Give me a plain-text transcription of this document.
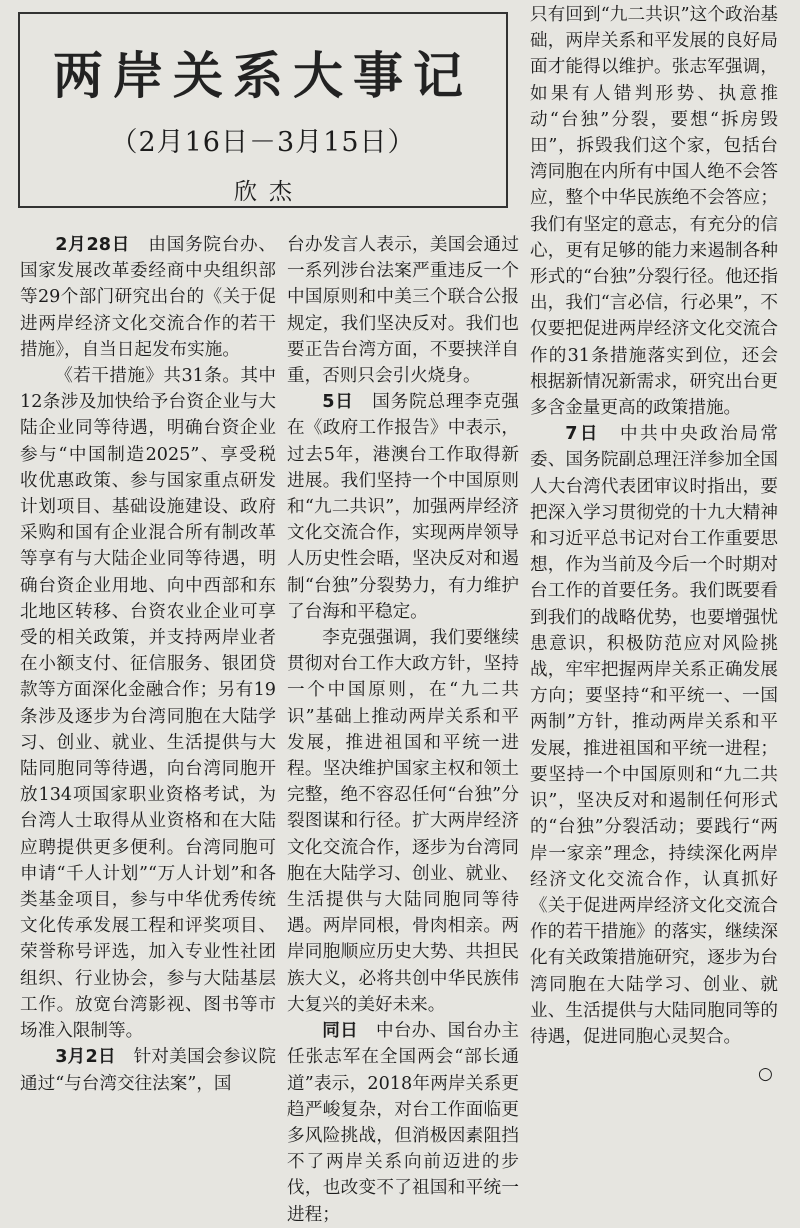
两岸关系大事记
（2月16日－3月15日）
欣杰

2月28日　 由国务院台办、国家发展改革委经商中央组织部等29个部门研究出台的《关于促进两岸经济文化交流合作的若干措施》，自当日起发布实施。

《若干措施》共31条。其中12条涉及加快给予台资企业与大陆企业同等待遇，明确台资企业参与“中国制造2025”、享受税收优惠政策、参与国家重点研发计划项目、基础设施建设、政府采购和国有企业混合所有制改革等享有与大陆企业同等待遇，明确台资企业用地、向中西部和东北地区转移、台资农业企业可享受的相关政策，并支持两岸业者在小额支付、征信服务、银团贷款等方面深化金融合作；另有19条涉及逐步为台湾同胞在大陆学习、创业、就业、生活提供与大陆同胞同等待遇，向台湾同胞开放134项国家职业资格考试，为台湾人士取得从业资格和在大陆应聘提供更多便利。台湾同胞可申请“千人计划”“万人计划”和各类基金项目，参与中华优秀传统文化传承发展工程和评奖项目、荣誉称号评选，加入专业性社团组织、行业协会，参与大陆基层工作。放宽台湾影视、图书等市场准入限制等。

3月2日　 针对美国会参议院通过“与台湾交往法案”，国

台办发言人表示，美国会通过一系列涉台法案严重违反一个中国原则和中美三个联合公报规定，我们坚决反对。我们也要正告台湾方面，不要挟洋自重，否则只会引火烧身。

5日　 国务院总理李克强在《政府工作报告》中表示，过去5年，港澳台工作取得新进展。我们坚持一个中国原则和“九二共识”，加强两岸经济文化交流合作，实现两岸领导人历史性会晤，坚决反对和遏制“台独”分裂势力，有力维护了台海和平稳定。

李克强强调，我们要继续贯彻对台工作大政方针，坚持一个中国原则，在“九二共识”基础上推动两岸关系和平发展，推进祖国和平统一进程。坚决维护国家主权和领土完整，绝不容忍任何“台独”分裂图谋和行径。扩大两岸经济文化交流合作，逐步为台湾同胞在大陆学习、创业、就业、生活提供与大陆同胞同等待遇。两岸同根，骨肉相亲。两岸同胞顺应历史大势、共担民族大义，必将共创中华民族伟大复兴的美好未来。

同日　 中台办、国台办主任张志军在全国两会“部长通道”表示，2018年两岸关系更趋严峻复杂，对台工作面临更多风险挑战，但消极因素阻挡不了两岸关系向前迈进的步伐，也改变不了祖国和平统一进程；

只有回到“九二共识”这个政治基础，两岸关系和平发展的良好局面才能得以维护。张志军强调，如果有人错判形势、执意推动“台独”分裂，要想“拆房毁田”，拆毁我们这个家，包括台湾同胞在内所有中国人绝不会答应，整个中华民族绝不会答应；我们有坚定的意志，有充分的信心，更有足够的能力来遏制各种形式的“台独”分裂行径。他还指出，我们“言必信，行必果”，不仅要把促进两岸经济文化交流合作的31条措施落实到位，还会根据新情况新需求，研究出台更多含金量更高的政策措施。

7日　 中共中央政治局常委、国务院副总理汪洋参加全国人大台湾代表团审议时指出，要把深入学习贯彻党的十九大精神和习近平总书记对台工作重要思想，作为当前及今后一个时期对台工作的首要任务。我们既要看到我们的战略优势，也要增强忧患意识，积极防范应对风险挑战，牢牢把握两岸关系正确发展方向；要坚持“和平统一、一国两制”方针，推动两岸关系和平发展，推进祖国和平统一进程；要坚持一个中国原则和“九二共识”，坚决反对和遏制任何形式的“台独”分裂活动；要践行“两岸一家亲”理念，持续深化两岸经济文化交流合作，认真抓好《关于促进两岸经济文化交流合作的若干措施》的落实，继续深化有关政策措施研究，逐步为台湾同胞在大陆学习、创业、就业、生活提供与大陆同胞同等的待遇，促进同胞心灵契合。

○
